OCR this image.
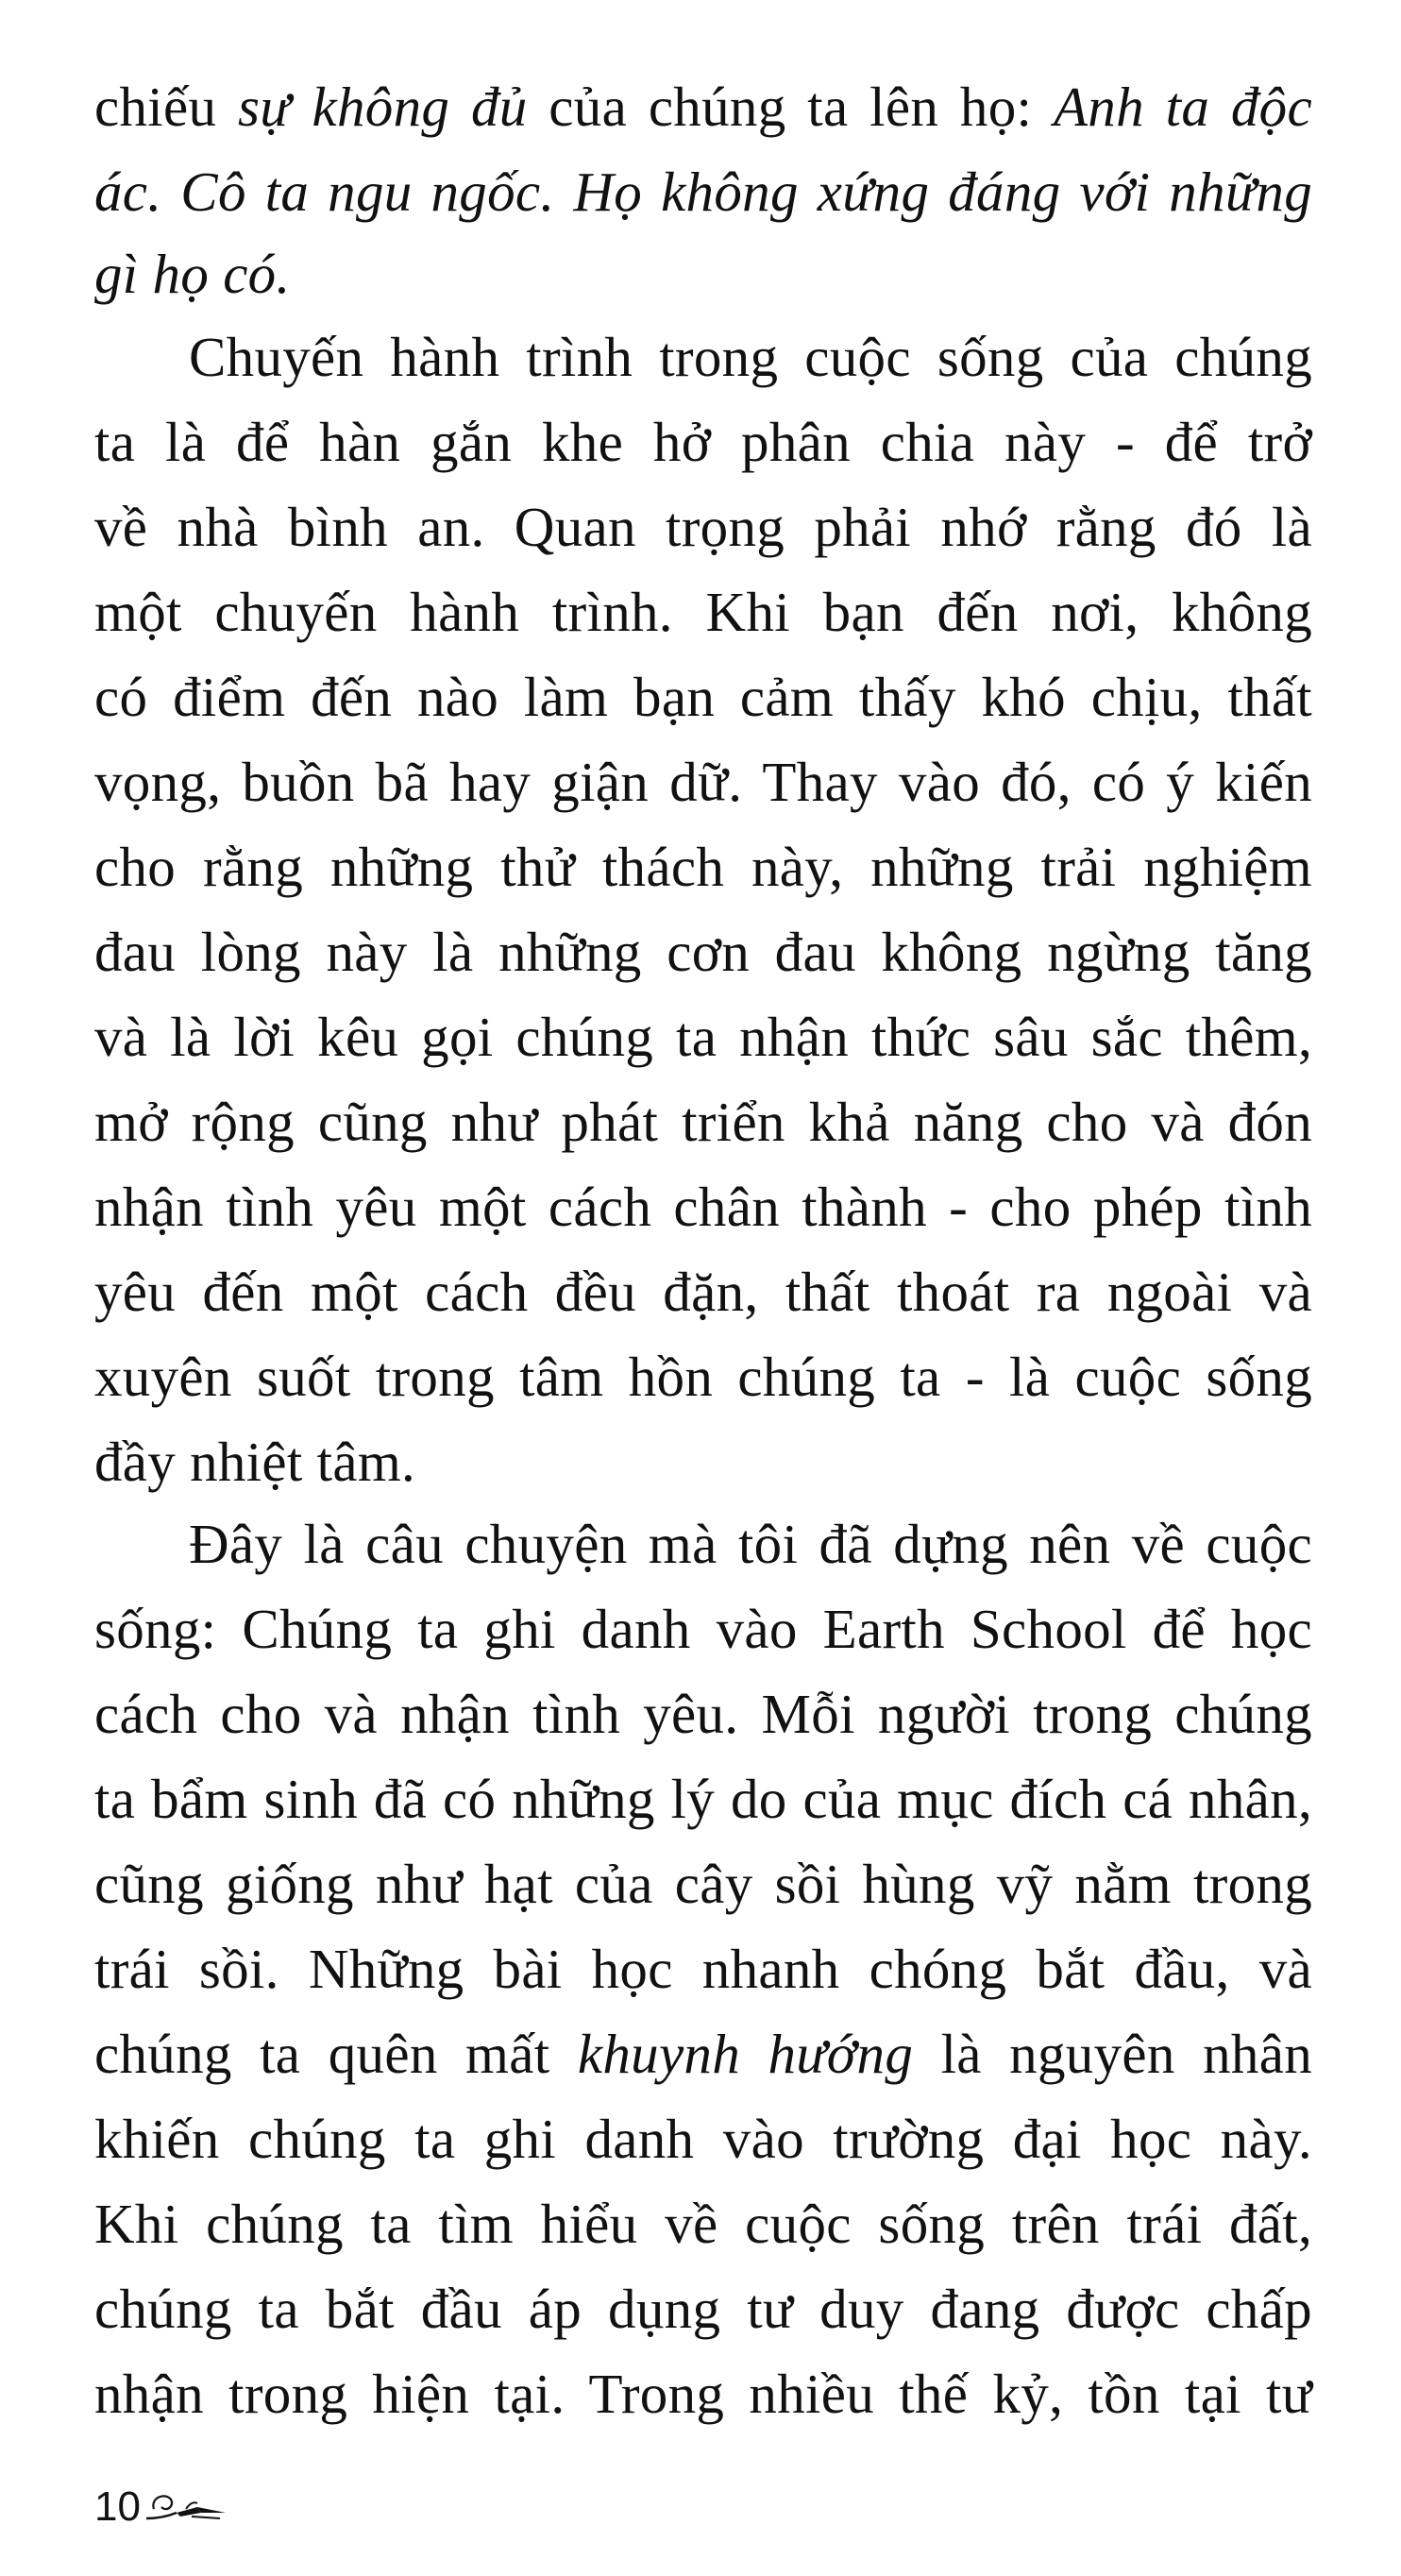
chiếu sự không đủ của chúng ta lên họ: Anh ta độc
ác. Cô ta ngu ngốc. Họ không xứng đáng với những
gì họ có.
Chuyến hành trình trong cuộc sống của chúng
ta là để hàn gắn khe hở phân chia này - để trở
về nhà bình an. Quan trọng phải nhớ rằng đó là
một chuyến hành trình. Khi bạn đến nơi, không
có điểm đến nào làm bạn cảm thấy khó chịu, thất
vọng, buồn bã hay giận dữ. Thay vào đó, có ý kiến
cho rằng những thử thách này, những trải nghiệm
đau lòng này là những cơn đau không ngừng tăng
và là lời kêu gọi chúng ta nhận thức sâu sắc thêm,
mở rộng cũng như phát triển khả năng cho và đón
nhận tình yêu một cách chân thành - cho phép tình
yêu đến một cách đều đặn, thất thoát ra ngoài và
xuyên suốt trong tâm hồn chúng ta - là cuộc sống
đầy nhiệt tâm.
Đây là câu chuyện mà tôi đã dựng nên về cuộc
sống: Chúng ta ghi danh vào Earth School để học
cách cho và nhận tình yêu. Mỗi người trong chúng
ta bẩm sinh đã có những lý do của mục đích cá nhân,
cũng giống như hạt của cây sồi hùng vỹ nằm trong
trái sồi. Những bài học nhanh chóng bắt đầu, và
chúng ta quên mất khuynh hướng là nguyên nhân
khiến chúng ta ghi danh vào trường đại học này.
Khi chúng ta tìm hiểu về cuộc sống trên trái đất,
chúng ta bắt đầu áp dụng tư duy đang được chấp
nhận trong hiện tại. Trong nhiều thế kỷ, tồn tại tư
10
